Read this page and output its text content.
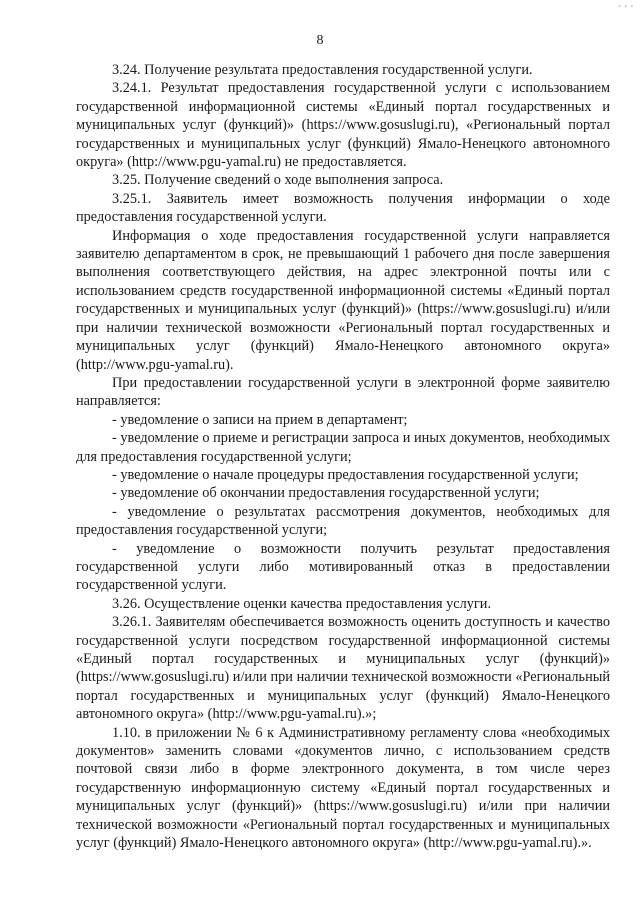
⸗ ⸗ ⸗
8

3.24. Получение результата предоставления государственной услуги.

3.24.1. Результат предоставления государственной услуги с использованием государственной информационной системы «Единый портал государственных и муниципальных услуг (функций)» (https://www.gosuslugi.ru), «Региональный портал государственных и муниципальных услуг (функций) Ямало-Ненецкого автономного округа» (http://www.pgu-yamal.ru) не предоставляется.

3.25. Получение сведений о ходе выполнения запроса.

3.25.1. Заявитель имеет возможность получения информации о ходе предоставления государственной услуги.

Информация о ходе предоставления государственной услуги направляется заявителю департаментом в срок, не превышающий 1 рабочего дня после завершения выполнения соответствующего действия, на адрес электронной почты или с использованием средств государственной информационной системы «Единый портал государственных и муниципальных услуг (функций)» (https://www.gosuslugi.ru) и/или при наличии технической возможности «Региональный портал государственных и муниципальных услуг (функций) Ямало-Ненецкого автономного округа» (http://www.pgu-yamal.ru).

При предоставлении государственной услуги в электронной форме заявителю направляется:

- уведомление о записи на прием в департамент;

- уведомление о приеме и регистрации запроса и иных документов, необходимых для предоставления государственной услуги;

- уведомление о начале процедуры предоставления государственной услуги;

- уведомление об окончании предоставления государственной услуги;

- уведомление о результатах рассмотрения документов, необходимых для предоставления государственной услуги;

- уведомление о возможности получить результат предоставления государственной услуги либо мотивированный отказ в предоставлении государственной услуги.

3.26. Осуществление оценки качества предоставления услуги.

3.26.1. Заявителям обеспечивается возможность оценить доступность и качество государственной услуги посредством государственной информационной системы «Единый портал государственных и муниципальных услуг (функций)» (https://www.gosuslugi.ru) и/или при наличии технической возможности «Региональный портал государственных и муниципальных услуг (функций) Ямало-Ненецкого автономного округа» (http://www.pgu-yamal.ru).»;

1.10. в приложении № 6 к Административному регламенту слова «необходимых документов» заменить словами «документов лично, с использованием средств почтовой связи либо в форме электронного документа, в том числе через государственную информационную систему «Единый портал государственных и муниципальных услуг (функций)» (https://www.gosuslugi.ru) и/или при наличии технической возможности «Региональный портал государственных и муниципальных услуг (функций) Ямало-Ненецкого автономного округа» (http://www.pgu-yamal.ru).».
